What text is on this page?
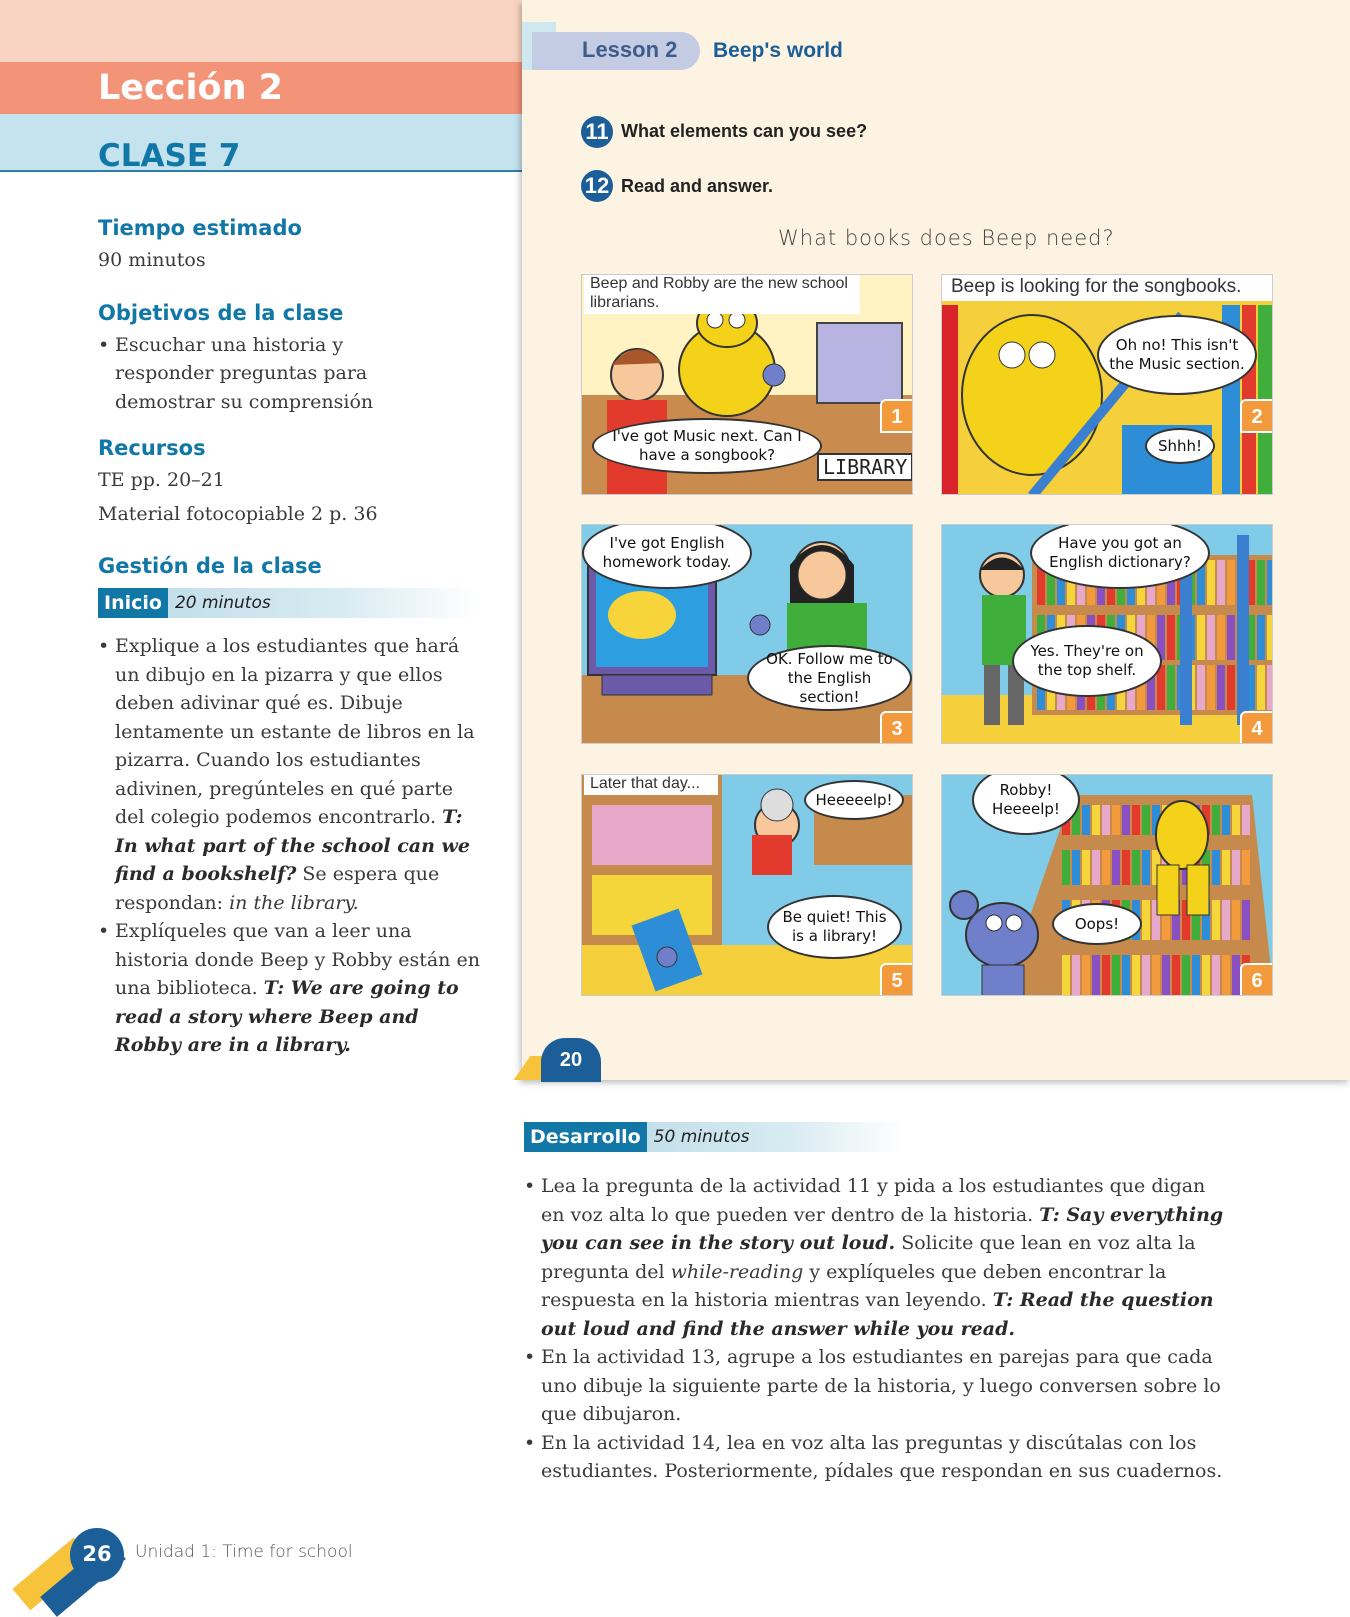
Lección 2
CLASE 7
Tiempo estimado
90 minutos
Objetivos de la clase
• Escuchar una historia y responder preguntas para demostrar su comprensión
Recursos
TE pp. 20–21
Material fotocopiable 2 p. 36
Gestión de la clase
Inicio 20 minutos
• Explique a los estudiantes que hará un dibujo en la pizarra y que ellos deben adivinar qué es. Dibuje lentamente un estante de libros en la pizarra. Cuando los estudiantes adivinen, pregúnteles en qué parte del colegio podemos encontrarlo. T: In what part of the school can we find a bookshelf? Se espera que respondan: in the library.
• Explíqueles que van a leer una historia donde Beep y Robby están en una biblioteca. T: We are going to read a story where Beep and Robby are in a library.
Lesson 2 Beep's world
11 What elements can you see?
12 Read and answer.
What books does Beep need?
Beep and Robby are the new school librarians.
I've got Music next. Can I have a songbook?	LIBRARY
1
Beep is looking for the songbooks.
Oh no! This isn't the Music section.
Shhh!
2
I've got English homework today.
OK. Follow me to the English section!
3
Have you got an English dictionary?
Yes. They're on the top shelf.
4
Later that day...
Heeeeelp!
Be quiet! This is a library!
5
Robby! Heeeelp!
Oops!
6
20
Desarrollo 50 minutos
• Lea la pregunta de la actividad 11 y pida a los estudiantes que digan en voz alta lo que pueden ver dentro de la historia. T: Say everything you can see in the story out loud. Solicite que lean en voz alta la pregunta del while-reading y explíqueles que deben encontrar la respuesta en la historia mientras van leyendo. T: Read the question out loud and find the answer while you read.
• En la actividad 13, agrupe a los estudiantes en parejas para que cada uno dibuje la siguiente parte de la historia, y luego conversen sobre lo que dibujaron.
• En la actividad 14, lea en voz alta las preguntas y discútalas con los estudiantes. Posteriormente, pídales que respondan en sus cuadernos.
26	Unidad 1: Time for school
